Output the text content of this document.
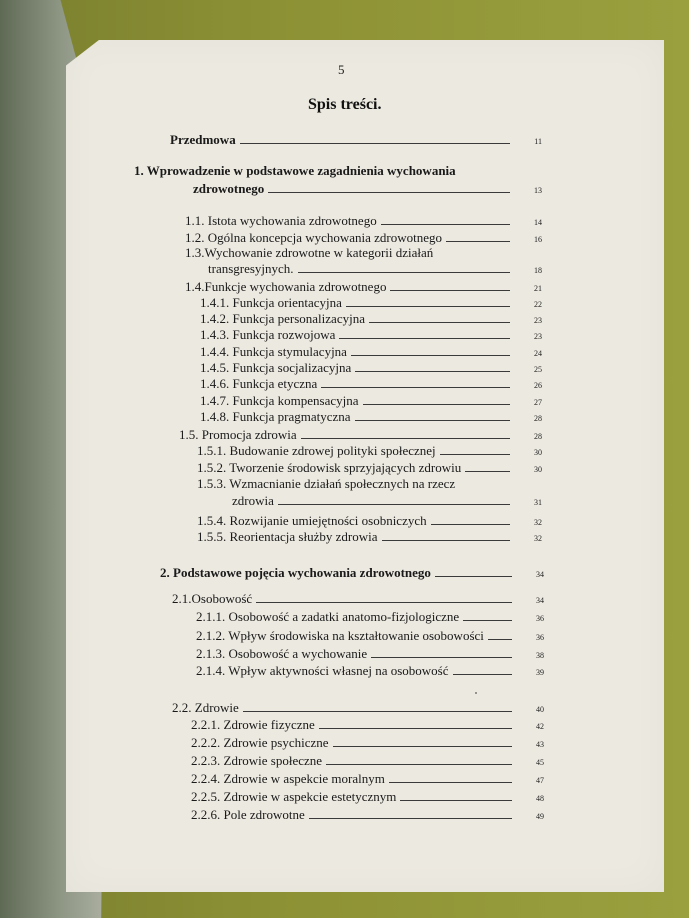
5
Spis treści.
Przedmowa	11
1. Wprowadzenie w podstawowe zagadnienia wychowania
zdrowotnego	13
1.1. Istota wychowania zdrowotnego	14
1.2. Ogólna koncepcja wychowania zdrowotnego	16
1.3.Wychowanie zdrowotne w kategorii działań
transgresyjnych.	18
1.4.Funkcje wychowania zdrowotnego	21
1.4.1. Funkcja orientacyjna	22
1.4.2. Funkcja personalizacyjna	23
1.4.3. Funkcja rozwojowa	23
1.4.4. Funkcja stymulacyjna	24
1.4.5. Funkcja socjalizacyjna	25
1.4.6. Funkcja etyczna	26
1.4.7. Funkcja kompensacyjna	27
1.4.8. Funkcja pragmatyczna	28
1.5. Promocja zdrowia	28
1.5.1. Budowanie zdrowej polityki społecznej	30
1.5.2. Tworzenie środowisk sprzyjających zdrowiu	30
1.5.3. Wzmacnianie działań społecznych na rzecz
zdrowia	31
1.5.4. Rozwijanie umiejętności osobniczych	32
1.5.5. Reorientacja służby zdrowia	32
2. Podstawowe pojęcia wychowania zdrowotnego	34
2.1.Osobowość	34
2.1.1. Osobowość a zadatki anatomo-fizjologiczne	36
2.1.2. Wpływ środowiska na kształtowanie osobowości	36
2.1.3. Osobowość a wychowanie	38
2.1.4. Wpływ aktywności własnej na osobowość	39
2.2. Zdrowie	40
2.2.1. Zdrowie fizyczne	42
2.2.2. Zdrowie psychiczne	43
2.2.3. Zdrowie społeczne	45
2.2.4. Zdrowie w aspekcie moralnym	47
2.2.5. Zdrowie w aspekcie estetycznym	48
2.2.6. Pole zdrowotne	49
